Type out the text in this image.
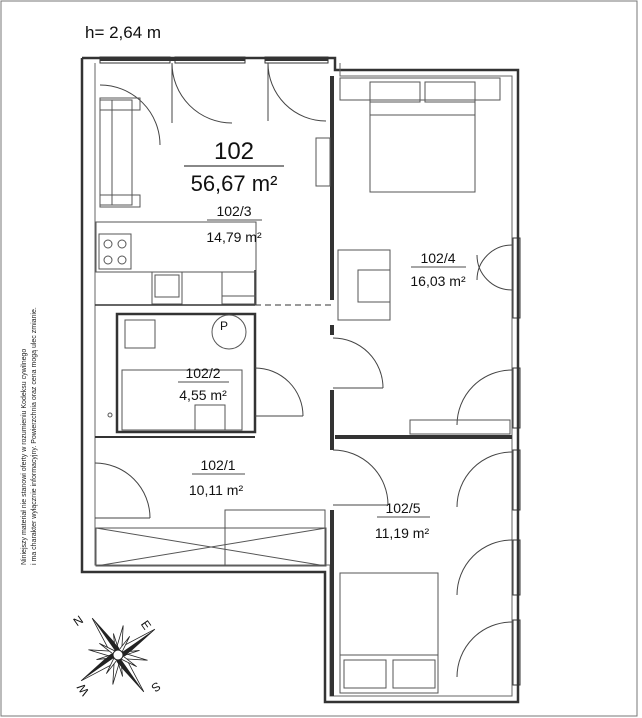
h= 2,64 m
102
56,67 m²
102/3
14,79 m²
102/4
16,03 m²
102/2
4,55 m²
102/1
10,11 m²
102/5
11,19 m²
P
Niniejszy materiał nie stanowi oferty w rozumieniu Kodeksu cywilnego i ma charakter wyłącznie informacyjny. Powierzchnia oraz cena mogą ulec zmianie.
N	E
S
W
